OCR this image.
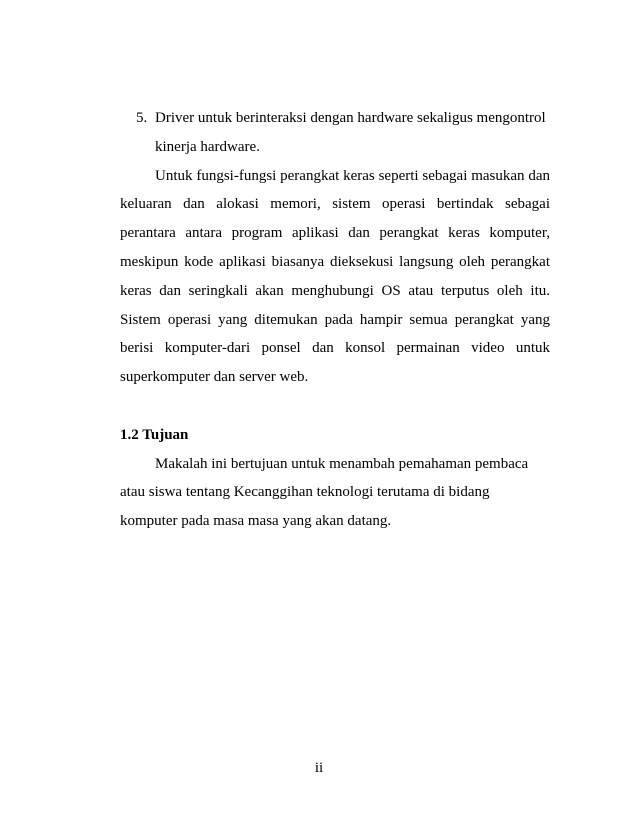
5. Driver untuk berinteraksi dengan hardware sekaligus mengontrol kinerja hardware.

Untuk fungsi-fungsi perangkat keras seperti sebagai masukan dan keluaran dan alokasi memori, sistem operasi bertindak sebagai perantara antara program aplikasi dan perangkat keras komputer, meskipun kode aplikasi biasanya dieksekusi langsung oleh perangkat keras dan seringkali akan menghubungi OS atau terputus oleh itu. Sistem operasi yang ditemukan pada hampir semua perangkat yang berisi komputer-dari ponsel dan konsol permainan video untuk superkomputer dan server web.

1.2 Tujuan

Makalah ini bertujuan untuk menambah pemahaman pembaca atau siswa tentang Kecanggihan teknologi terutama di bidang komputer pada masa masa yang akan datang.

ii
